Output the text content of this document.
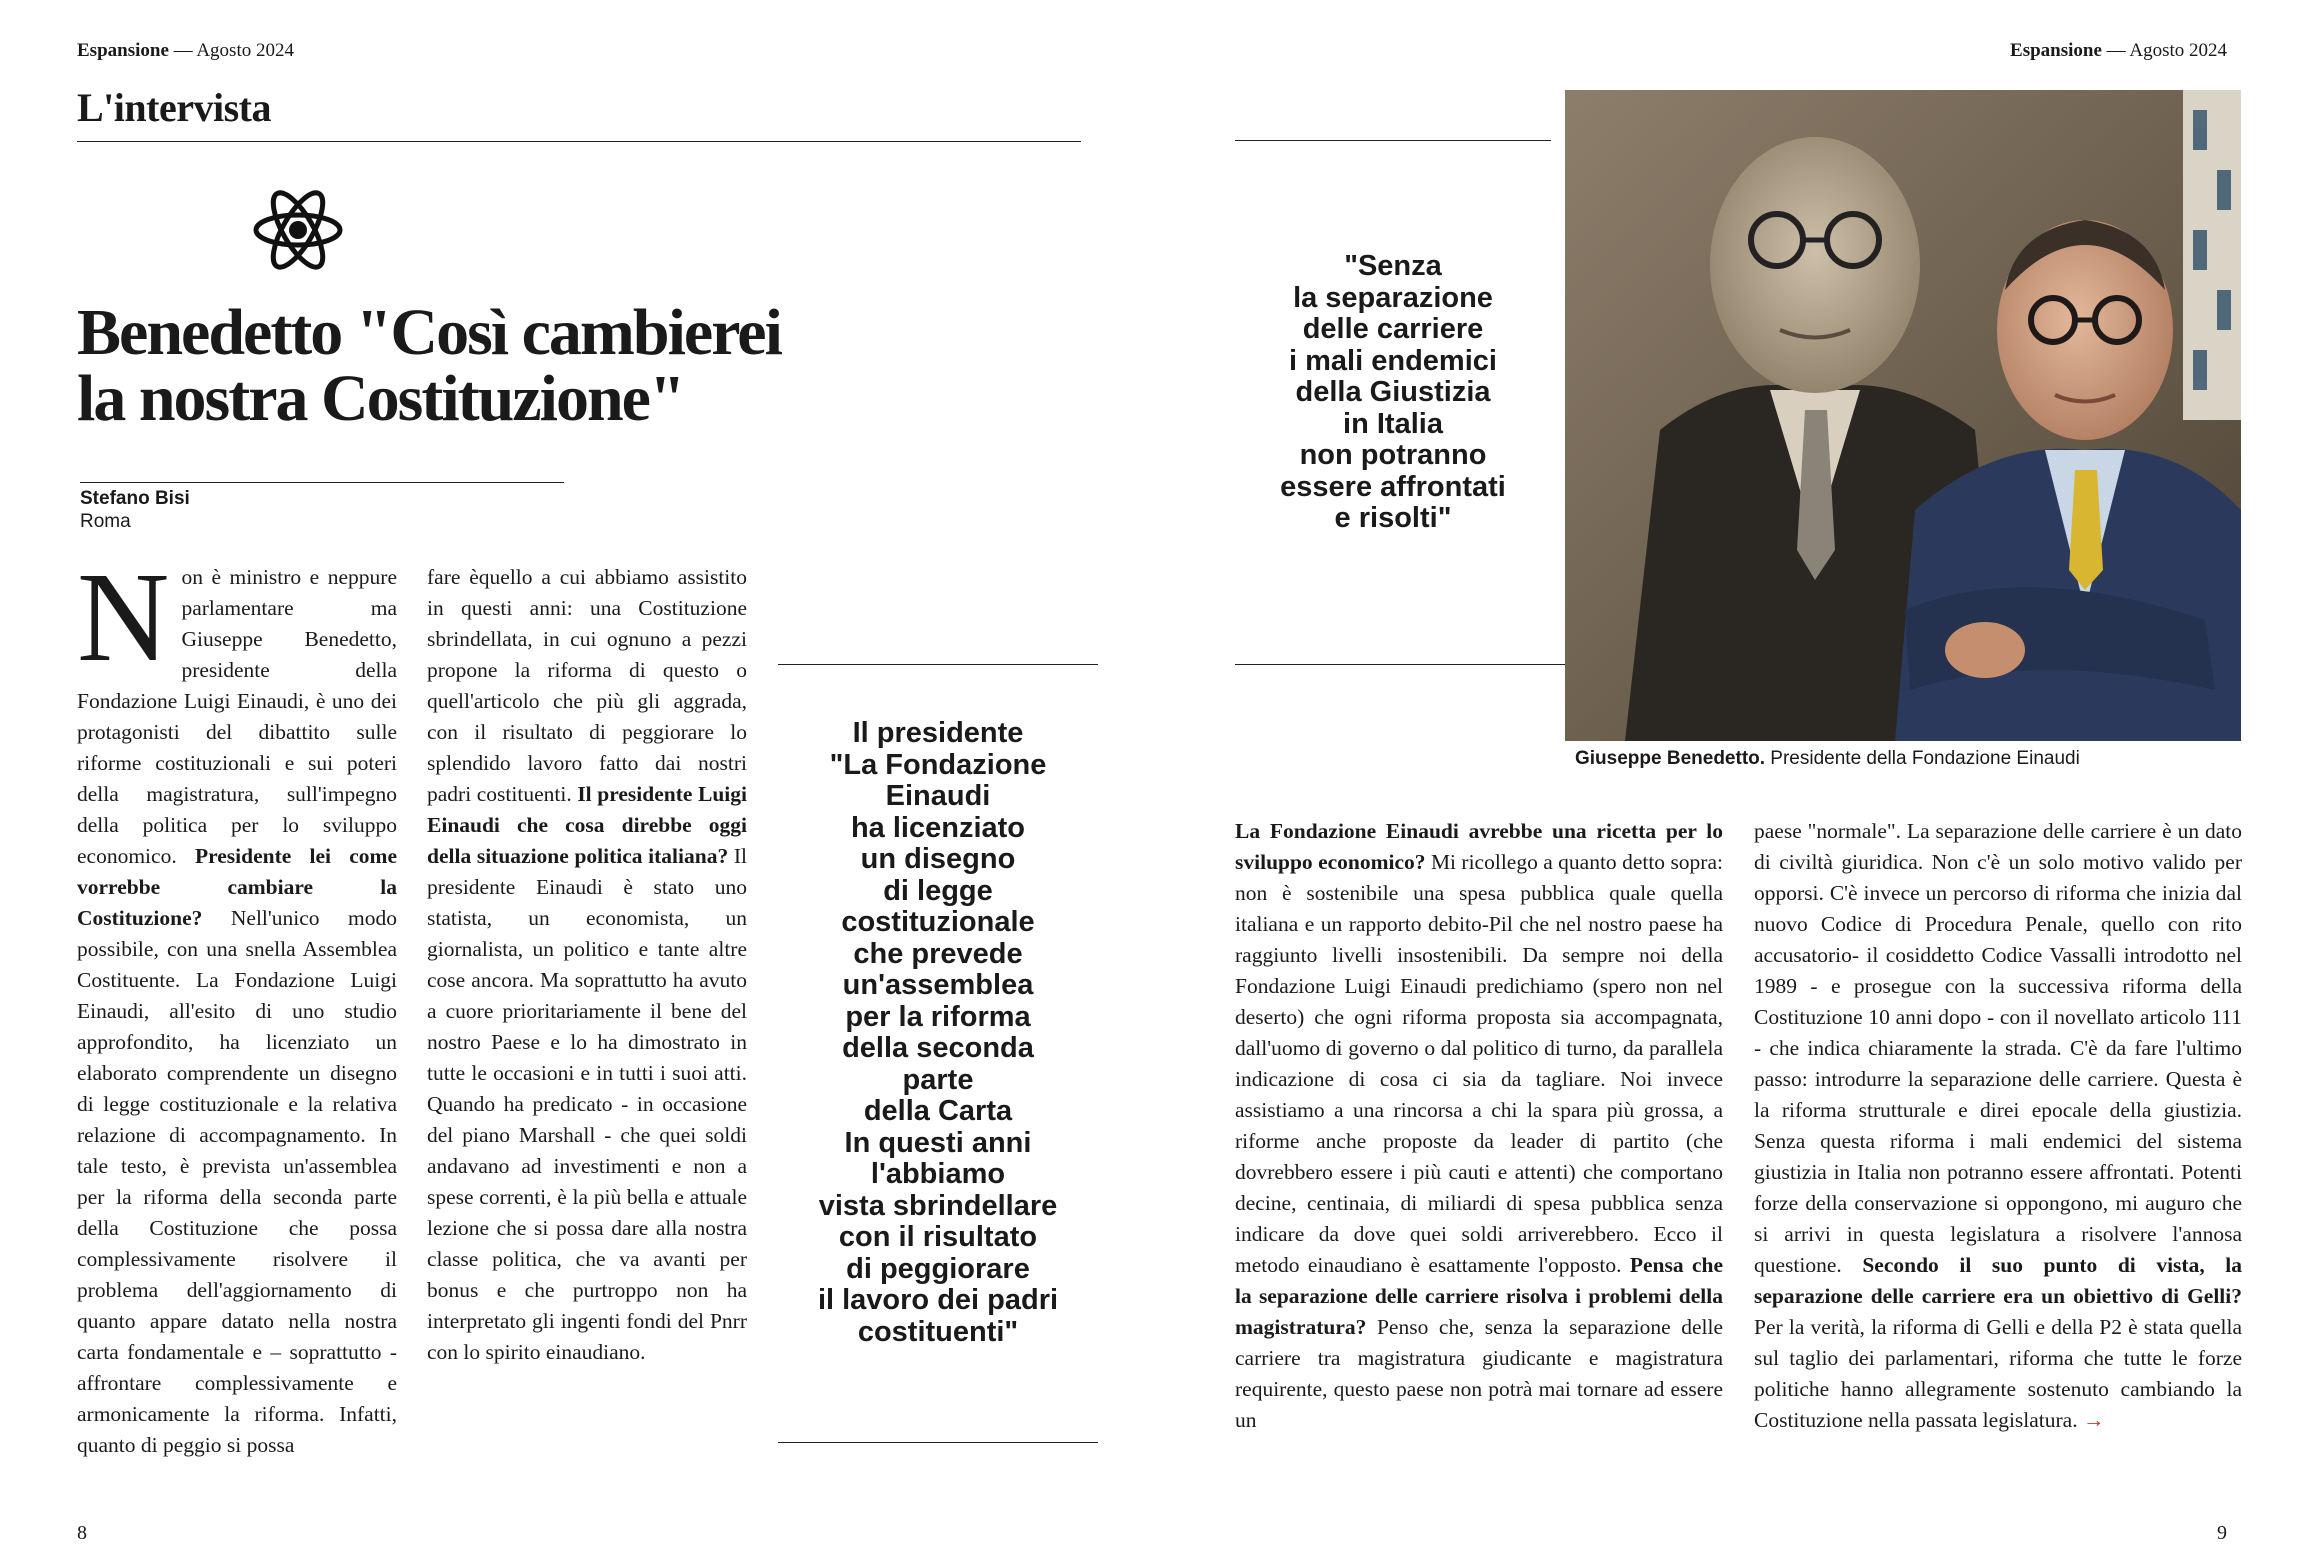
Espansione — Agosto 2024	Espansione — Agosto 2024
L'intervista
Benedetto "Così cambierei
la nostra Costituzione"
Stefano Bisi
Roma
N on è ministro e neppure parlamentare ma Giuseppe Benedetto, presidente della Fondazione Luigi Einaudi, è uno dei protagonisti del dibattito sulle riforme costituzionali e sui poteri della magistratura, sull'impegno della politica per lo sviluppo economico. Presidente lei come vorrebbe cambiare la Costituzione? Nell'unico modo possibile, con una snella Assemblea Costituente. La Fondazione Luigi Einaudi, all'esito di uno studio approfondito, ha licenziato un elaborato comprendente un disegno di legge costituzionale e la relativa relazione di accompagnamento. In tale testo, è prevista un'assemblea per la riforma della seconda parte della Costituzione che possa complessivamente risolvere il problema dell'aggiornamento di quanto appare datato nella nostra carta fondamentale e – soprattutto - affrontare complessivamente e armonicamente la riforma. Infatti, quanto di peggio si possa
fare èquello a cui abbiamo assistito in questi anni: una Costituzione sbrindellata, in cui ognuno a pezzi propone la riforma di questo o quell'articolo che più gli aggrada, con il risultato di peggiorare lo splendido lavoro fatto dai nostri padri costituenti. Il presidente Luigi Einaudi che cosa direbbe oggi della situazione politica italiana? Il presidente Einaudi è stato uno statista, un economista, un giornalista, un politico e tante altre cose ancora. Ma soprattutto ha avuto a cuore prioritariamente il bene del nostro Paese e lo ha dimostrato in tutte le occasioni e in tutti i suoi atti. Quando ha predicato - in occasione del piano Marshall - che quei soldi andavano ad investimenti e non a spese correnti, è la più bella e attuale lezione che si possa dare alla nostra classe politica, che va avanti per bonus e che purtroppo non ha interpretato gli ingenti fondi del Pnrr con lo spirito einaudiano.
Il presidente
"La Fondazione
Einaudi
ha licenziato
un disegno
di legge
costituzionale
che prevede
un'assemblea
per la riforma
della seconda
parte
della Carta
In questi anni
l'abbiamo
vista sbrindellare
con il risultato
di peggiorare
il lavoro dei padri
costituenti"
"Senza
la separazione
delle carriere
i mali endemici
della Giustizia
in Italia
non potranno
essere affrontati
e risolti"
Giuseppe Benedetto. Presidente della Fondazione Einaudi
La Fondazione Einaudi avrebbe una ricetta per lo sviluppo economico? Mi ricollego a quanto detto sopra: non è sostenibile una spesa pubblica quale quella italiana e un rapporto debito-Pil che nel nostro paese ha raggiunto livelli insostenibili. Da sempre noi della Fondazione Luigi Einaudi predichiamo (spero non nel deserto) che ogni riforma proposta sia accompagnata, dall'uomo di governo o dal politico di turno, da parallela indicazione di cosa ci sia da tagliare. Noi invece assistiamo a una rincorsa a chi la spara più grossa, a riforme anche proposte da leader di partito (che dovrebbero essere i più cauti e attenti) che comportano decine, centinaia, di miliardi di spesa pubblica senza indicare da dove quei soldi arriverebbero. Ecco il metodo einaudiano è esattamente l'opposto. Pensa che la separazione delle carriere risolva i problemi della magistratura? Penso che, senza la separazione delle carriere tra magistratura giudicante e magistratura requirente, questo paese non potrà mai tornare ad essere un
paese "normale". La separazione delle carriere è un dato di civiltà giuridica. Non c'è un solo motivo valido per opporsi. C'è invece un percorso di riforma che inizia dal nuovo Codice di Procedura Penale, quello con rito accusatorio- il cosiddetto Codice Vassalli introdotto nel 1989 - e prosegue con la successiva riforma della Costituzione 10 anni dopo - con il novellato articolo 111 - che indica chiaramente la strada. C'è da fare l'ultimo passo: introdurre la separazione delle carriere. Questa è la riforma strutturale e direi epocale della giustizia. Senza questa riforma i mali endemici del sistema giustizia in Italia non potranno essere affrontati. Potenti forze della conservazione si oppongono, mi auguro che si arrivi in questa legislatura a risolvere l'annosa questione. Secondo il suo punto di vista, la separazione delle carriere era un obiettivo di Gelli? Per la verità, la riforma di Gelli e della P2 è stata quella sul taglio dei parlamentari, riforma che tutte le forze politiche hanno allegramente sostenuto cambiando la Costituzione nella passata legislatura. →
8	9
